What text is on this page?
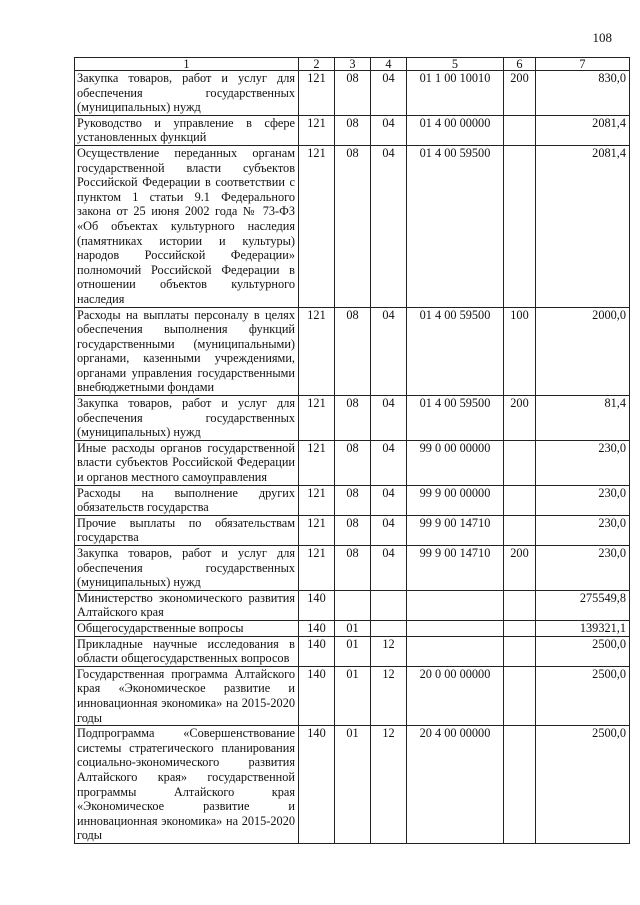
108
1	2	3	4	5	6	7
Закупка товаров, работ и услуг для обеспечения государственных (муниципальных) нужд	121	08	04	01 1 00 10010	200	830,0
Руководство и управление в сфере установленных функций	121	08	04	01 4 00 00000		2081,4
Осуществление переданных органам государственной власти субъектов Российской Федерации в соответствии с пунктом 1 статьи 9.1 Федерального закона от 25 июня 2002 года № 73-ФЗ «Об объектах культурного наследия (памятниках истории и культуры) народов Российской Федерации» полномочий Российской Федерации в отношении объектов культурного наследия	121	08	04	01 4 00 59500		2081,4
Расходы на выплаты персоналу в целях обеспечения выполнения функций государственными (муниципальными) органами, казенными учреждениями, органами управления государственными внебюджетными фондами	121	08	04	01 4 00 59500	100	2000,0
Закупка товаров, работ и услуг для обеспечения государственных (муниципальных) нужд	121	08	04	01 4 00 59500	200	81,4
Иные расходы органов государственной власти субъектов Российской Федерации и органов местного самоуправления	121	08	04	99 0 00 00000		230,0
Расходы на выполнение других обязательств государства	121	08	04	99 9 00 00000		230,0
Прочие выплаты по обязательствам государства	121	08	04	99 9 00 14710		230,0
Закупка товаров, работ и услуг для обеспечения государственных (муниципальных) нужд	121	08	04	99 9 00 14710	200	230,0
Министерство экономического развития Алтайского края	140					275549,8
Общегосударственные вопросы	140	01				139321,1
Прикладные научные исследования в области общегосударственных вопросов	140	01	12			2500,0
Государственная программа Алтайского края «Экономическое развитие и инновационная экономика» на 2015-2020 годы	140	01	12	20 0 00 00000		2500,0
Подпрограмма «Совершенствование системы стратегического планирования социально-экономического развития Алтайского края» государственной программы Алтайского края «Экономическое развитие и инновационная экономика» на 2015-2020 годы	140	01	12	20 4 00 00000		2500,0
